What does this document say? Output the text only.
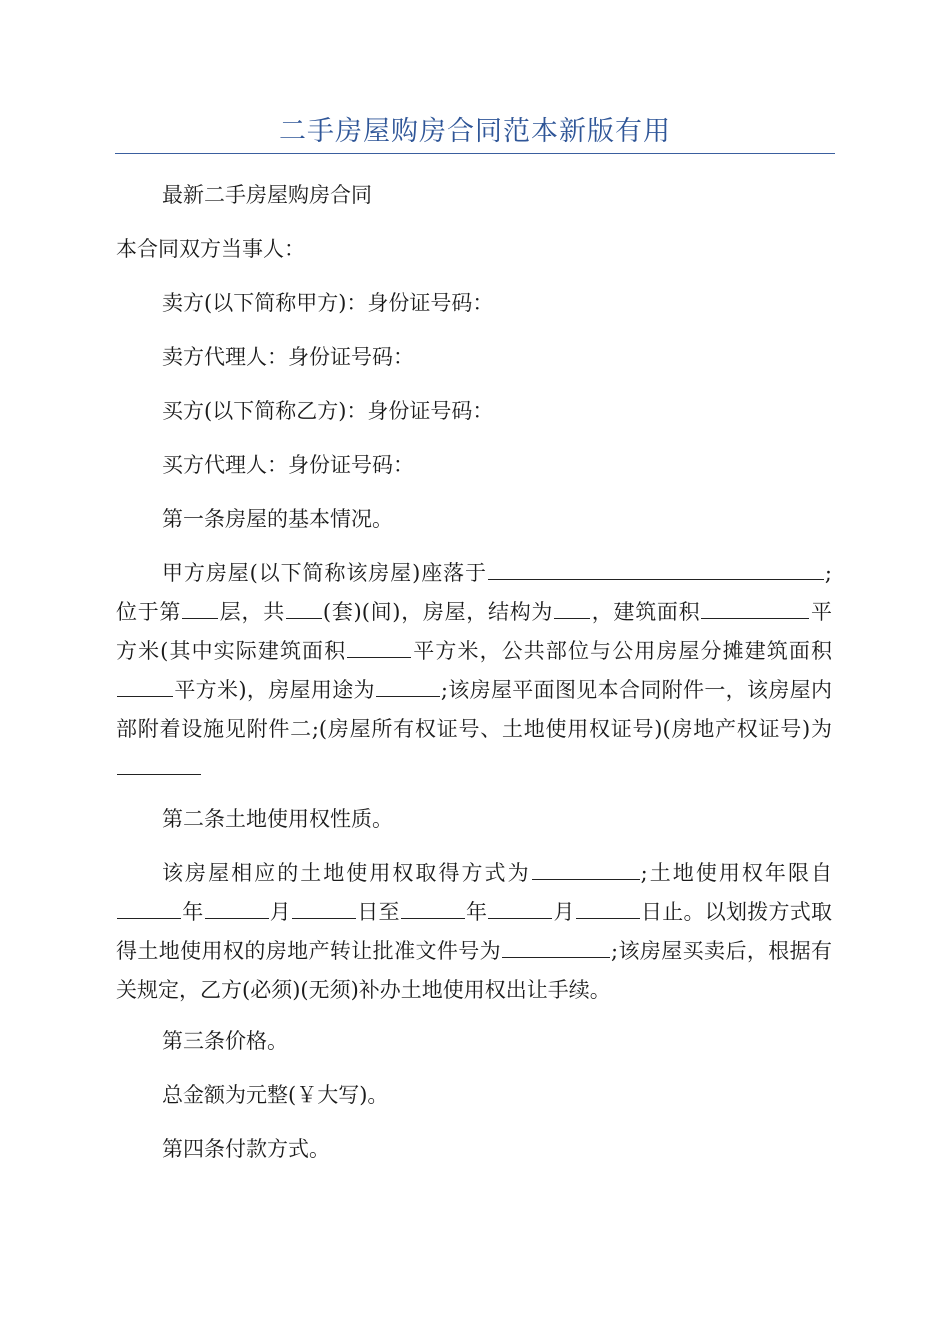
二手房屋购房合同范本新版有用

最新二手房屋购房合同

本合同双方当事人：

卖方(以下简称甲方)：身份证号码：

卖方代理人：身份证号码：

买方(以下简称乙方)：身份证号码：

买方代理人：身份证号码：

第一条房屋的基本情况。

甲方房屋(以下简称该房屋)座落于	;位于第 层，共 (套)(间)，房屋，结构为 ，建筑面积	平方米(其中实际建筑面积	平方米，公共部位与公用房屋分摊建筑面积平方米)，房屋用途为	;该房屋平面图见本合同附件一，该房屋内部附着设施见附件二;(房屋所有权证号、土地使用权证号)(房地产权证号)为

第二条土地使用权性质。

该房屋相应的土地使用权取得方式为	;土地使用权年限自年	月	日至	年	月	日止。以划拨方式取得土地使用权的房地产转让批准文件号为	;该房屋买卖后，根据有关规定，乙方(必须)(无须)补办土地使用权出让手续。

第三条价格。

总金额为元整(￥大写)。

第四条付款方式。
